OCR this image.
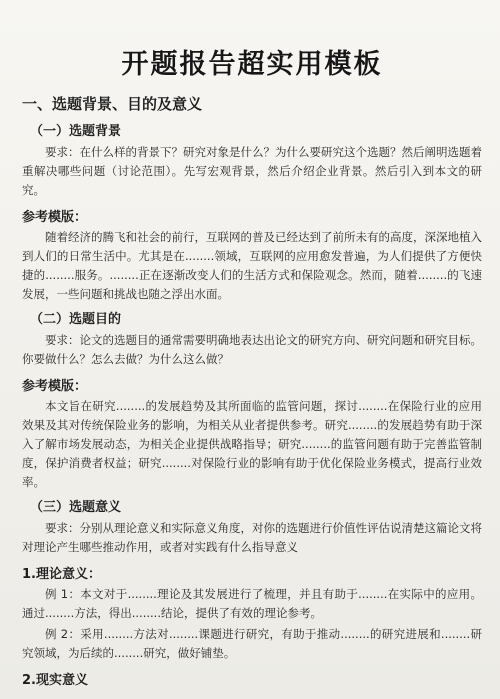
开题报告超实用模板
一、选题背景、目的及意义
（一）选题背景

要求：在什么样的背景下？研究对象是什么？为什么要研究这个选题？然后阐明选题着重解决哪些问题（讨论范围）。先写宏观背景，然后介绍企业背景。然后引入到本文的研究。

参考模版：

随着经济的腾飞和社会的前行，互联网的普及已经达到了前所未有的高度，深深地植入到人们的日常生活中。尤其是在........领域，互联网的应用愈发普遍，为人们提供了方便快捷的........服务。........正在逐渐改变人们的生活方式和保险观念。然而，随着........的飞速发展，一些问题和挑战也随之浮出水面。

（二）选题目的

要求：论文的选题目的通常需要明确地表达出论文的研究方向、研究问题和研究目标。你要做什么？怎么去做？为什么这么做？

参考模版：

本文旨在研究........的发展趋势及其所面临的监管问题，探讨........在保险行业的应用效果及其对传统保险业务的影响，为相关从业者提供参考。研究........的发展趋势有助于深入了解市场发展动态，为相关企业提供战略指导；研究........的监管问题有助于完善监管制度，保护消费者权益；研究........对保险行业的影响有助于优化保险业务模式，提高行业效率。

（三）选题意义

要求：分别从理论意义和实际意义角度，对你的选题进行价值性评估说清楚这篇论文将对理论产生哪些推动作用，或者对实践有什么指导意义

1.理论意义：

例 1：本文对于........理论及其发展进行了梳理，并且有助于........在实际中的应用。通过........方法，得出........结论，提供了有效的理论参考。

例 2：采用........方法对........课题进行研究，有助于推动........的研究进展和........研究领域，为后续的........研究，做好铺垫。

2.现实意义
